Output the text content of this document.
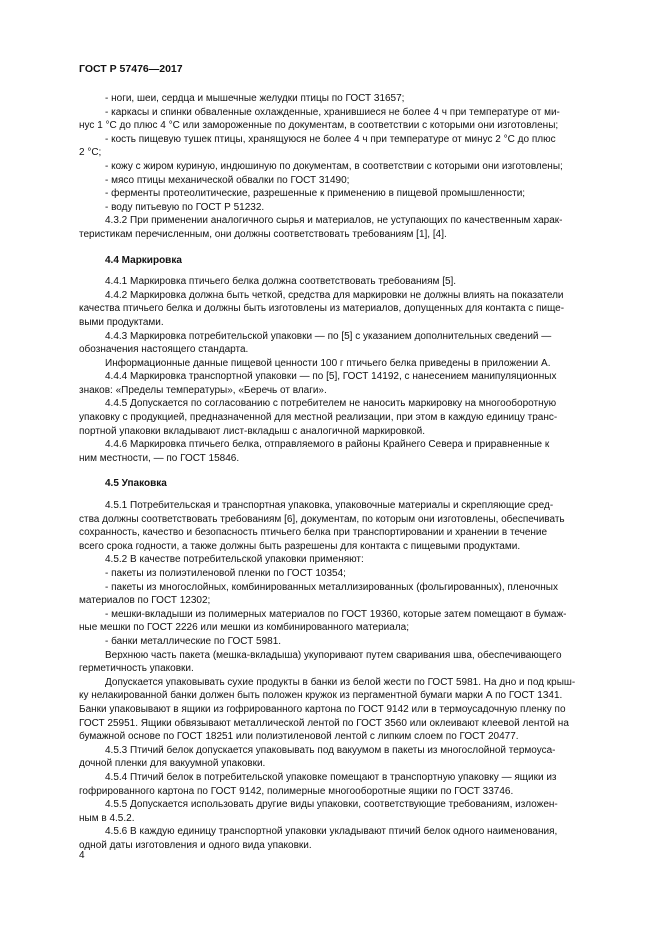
ГОСТ Р 57476—2017

- ноги, шеи, сердца и мышечные желудки птицы по ГОСТ 31657;

- каркасы и спинки обваленные охлажденные, хранившиеся не более 4 ч при температуре от ми-

нус 1 °С до плюс 4 °С или замороженные по документам, в соответствии с которыми они изготовлены;

- кость пищевую тушек птицы, хранящуюся не более 4 ч при температуре от минус 2 °С до плюс

2 °С;

- кожу с жиром куриную, индюшиную по документам, в соответствии с которыми они изготовлены;

- мясо птицы механической обвалки по ГОСТ 31490;

- ферменты протеолитические, разрешенные к применению в пищевой промышленности;

- воду питьевую по ГОСТ Р 51232.

4.3.2 При применении аналогичного сырья и материалов, не уступающих по качественным харак-

теристикам перечисленным, они должны соответствовать требованиям [1], [4].

4.4 Маркировка

4.4.1 Маркировка птичьего белка должна соответствовать требованиям [5].

4.4.2 Маркировка должна быть четкой, средства для маркировки не должны влиять на показатели

качества птичьего белка и должны быть изготовлены из материалов, допущенных для контакта с пище-

выми продуктами.

4.4.3 Маркировка потребительской упаковки — по [5] с указанием дополнительных сведений —

обозначения настоящего стандарта.

Информационные данные пищевой ценности 100 г птичьего белка приведены в приложении А.

4.4.4 Маркировка транспортной упаковки — по [5], ГОСТ 14192, с нанесением манипуляционных

знаков: «Пределы температуры», «Беречь от влаги».

4.4.5 Допускается по согласованию с потребителем не наносить маркировку на многооборотную

упаковку с продукцией, предназначенной для местной реализации, при этом в каждую единицу транс-

портной упаковки вкладывают лист-вкладыш с аналогичной маркировкой.

4.4.6 Маркировка птичьего белка, отправляемого в районы Крайнего Севера и приравненные к

ним местности, — по ГОСТ 15846.

4.5 Упаковка

4.5.1 Потребительская и транспортная упаковка, упаковочные материалы и скрепляющие сред-

ства должны соответствовать требованиям [6], документам, по которым они изготовлены, обеспечивать

сохранность, качество и безопасность птичьего белка при транспортировании и хранении в течение

всего срока годности, а также должны быть разрешены для контакта с пищевыми продуктами.

4.5.2 В качестве потребительской упаковки применяют:

- пакеты из полиэтиленовой пленки по ГОСТ 10354;

- пакеты из многослойных, комбинированных металлизированных (фольгированных), пленочных

материалов по ГОСТ 12302;

- мешки-вкладыши из полимерных материалов по ГОСТ 19360, которые затем помещают в бумаж-

ные мешки по ГОСТ 2226 или мешки из комбинированного материала;

- банки металлические по ГОСТ 5981.

Верхнюю часть пакета (мешка-вкладыша) укупоривают путем сваривания шва, обеспечивающего

герметичность упаковки.

Допускается упаковывать сухие продукты в банки из белой жести по ГОСТ 5981. На дно и под крыш-

ку нелакированной банки должен быть положен кружок из пергаментной бумаги марки А по ГОСТ 1341.

Банки упаковывают в ящики из гофрированного картона по ГОСТ 9142 или в термоусадочную пленку по

ГОСТ 25951. Ящики обвязывают металлической лентой по ГОСТ 3560 или оклеивают клеевой лентой на

бумажной основе по ГОСТ 18251 или полиэтиленовой лентой с липким слоем по ГОСТ 20477.

4.5.3 Птичий белок допускается упаковывать под вакуумом в пакеты из многослойной термоуса-

дочной пленки для вакуумной упаковки.

4.5.4 Птичий белок в потребительской упаковке помещают в транспортную упаковку — ящики из

гофрированного картона по ГОСТ 9142, полимерные многооборотные ящики по ГОСТ 33746.

4.5.5 Допускается использовать другие виды упаковки, соответствующие требованиям, изложен-

ным в 4.5.2.

4.5.6 В каждую единицу транспортной упаковки укладывают птичий белок одного наименования,

одной даты изготовления и одного вида упаковки.

4
